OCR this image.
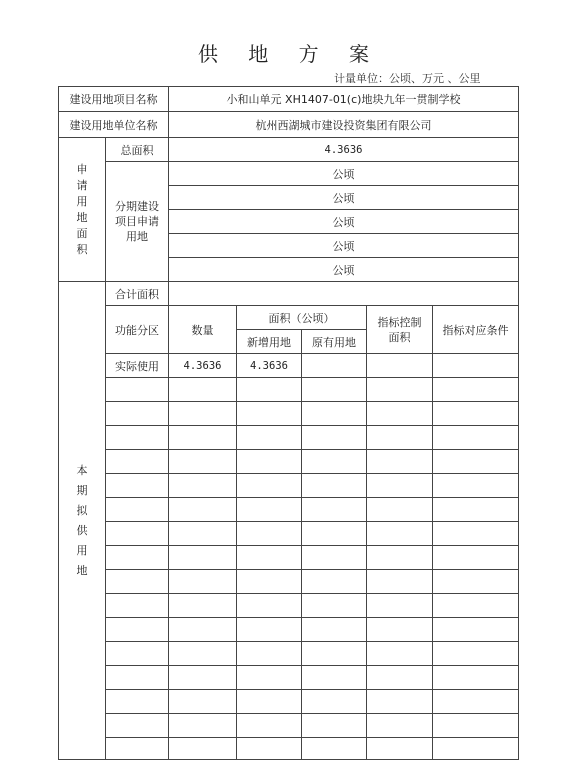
供 地 方 案
计量单位：公顷、万元 、公里
建设用地项目名称		小和山单元 XH1407-01(c)地块九年一贯制学校				
建设用地单位名称		杭州西湖城市建设投资集团有限公司				
申请用地面积	总面积	4.3636				
	分期建设项目申请用地	公顷				
		公顷				
		公顷				
		公顷				
		公顷				
本期拟供用地	合计面积					
	功能分区	数量	面积（公顷）		指标控制面积	指标对应条件
			新增用地	原有用地		
	实际使用	4.3636	4.3636			
